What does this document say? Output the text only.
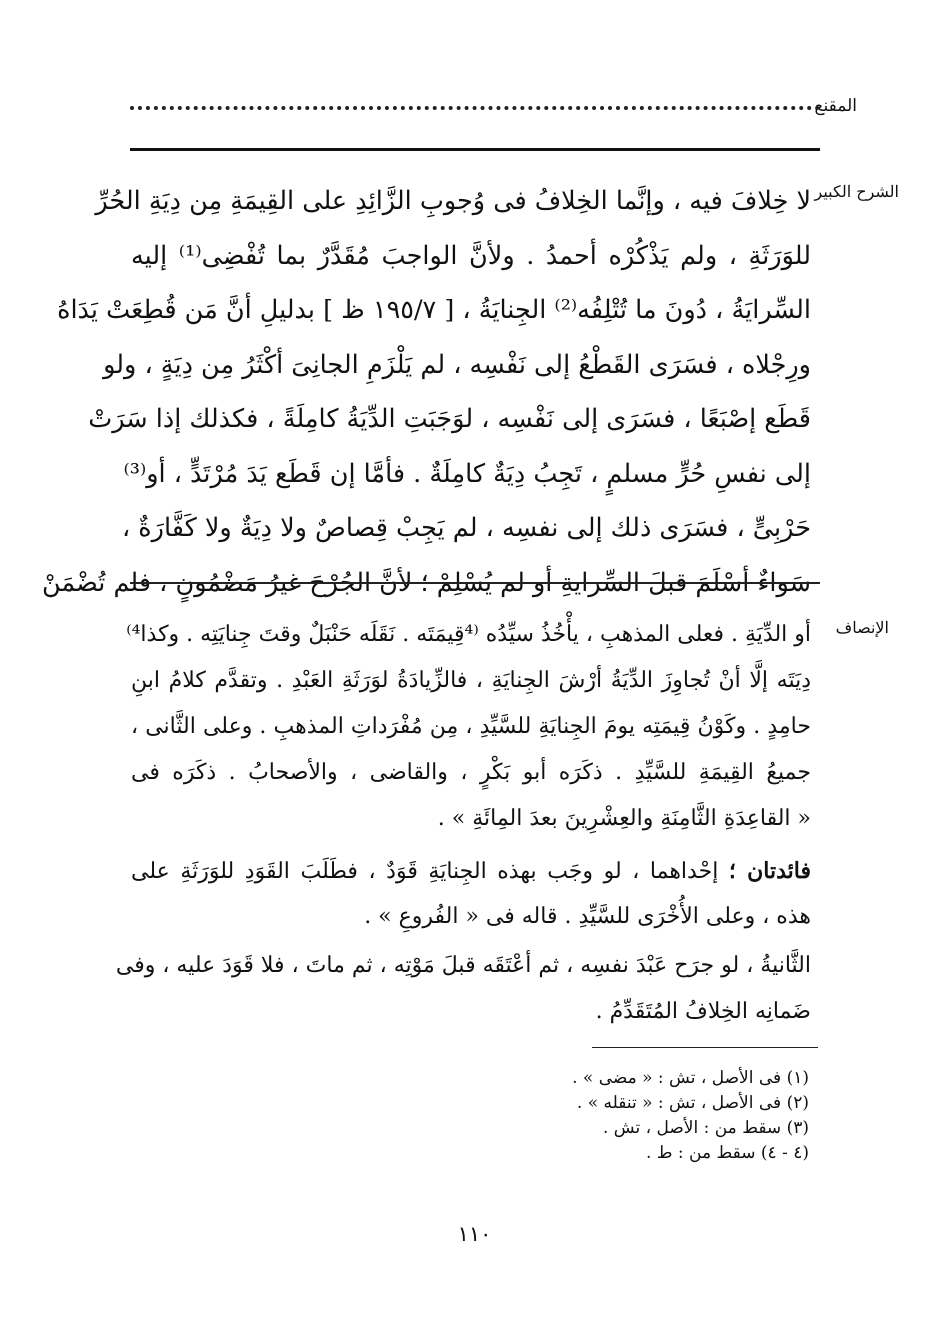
المقنع
الشرح الكبير
لا خِلافَ فيه ، وإنَّما الخِلافُ فى وُجوبِ الزَّائِدِ على القِيمَةِ مِن دِيَةِ الحُرِّ
للوَرَثَةِ ، ولم يَذْكُرْه أحمدُ . ولأنَّ الواجبَ مُقَدَّرٌ بما تُفْضِى⁽¹⁾ إليه
السِّرايَةُ ، دُونَ ما تُتْلِفُه⁽²⁾ الجِنايَةُ ، [ ١٩٥/٧ ظ ] بدليلِ أنَّ مَن قُطِعَتْ يَدَاهُ
ورِجْلاه ، فسَرَى القَطْعُ إلى نَفْسِه ، لم يَلْزَمِ الجانِىَ أكْثَرُ مِن دِيَةٍ ، ولو
قَطَع إصْبَعًا ، فسَرَى إلى نَفْسِه ، لوَجَبَتِ الدِّيَةُ كامِلَةً ، فكذلك إذا سَرَتْ
إلى نفسِ حُرٍّ مسلمٍ ، تَجِبُ دِيَةٌ كامِلَةٌ . فأمَّا إن قَطَع يَدَ مُرْتَدٍّ ، أو⁽³⁾
حَرْبِىٍّ ، فسَرَى ذلك إلى نفسِه ، لم يَجِبْ قِصاصٌ ولا دِيَةٌ ولا كَفَّارَةٌ ،
سَواءٌ أسْلَمَ قبلَ السِّرايةِ أو لم يُسْلِمْ ؛ لأنَّ الجُرْحَ غيرُ مَضْمُونٍ ، فلم تُضْمَنْ
الإنصاف
أو الدِّيَةِ . فعلى المذهبِ ، يأْخُذُ سيِّدُه ⁽⁴قِيمَتَه . نَقَلَه حَنْبَلٌ وقتَ جِنايَتِه . وكذا⁴⁾
دِيَتَه إلَّا أنْ تُجاوِزَ الدِّيَةُ أرْشَ الجِنايَةِ ، فالزِّيادَةُ لوَرَثَةِ العَبْدِ . وتقدَّم كلامُ ابنِ
حامِدٍ . وكَوْنُ قِيمَتِه يومَ الجِنايَةِ للسَّيِّدِ ، مِن مُفْرَداتِ المذهبِ . وعلى الثَّانى ،
جميعُ القِيمَةِ للسَّيِّدِ . ذكَرَه أبو بَكْرٍ ، والقاضى ، والأصحابُ . ذكَرَه فى
« القاعِدَةِ الثَّامِنَةِ والعِشْرِينَ بعدَ المِائَةِ » .
فائدتان ؛ إحْداهما ، لو وجَب بهذه الجِنايَةِ قَوَدٌ ، فطَلَبَ القَوَدِ للوَرَثَةِ على
هذه ، وعلى الأُخْرَى للسَّيِّدِ . قاله فى « الفُروعِ » .
الثَّانيةُ ، لو جرَح عَبْدَ نفسِه ، ثم أعْتَقَه قبلَ مَوْتِه ، ثم ماتَ ، فلا قَوَدَ عليه ، وفى
ضَمانِه الخِلافُ المُتَقَدِّمُ .
(١) فى الأصل ، تش : « مضى » .
(٢) فى الأصل ، تش : « تنقله » .
(٣) سقط من : الأصل ، تش .
(٤ - ٤) سقط من : ط .
١١٠
